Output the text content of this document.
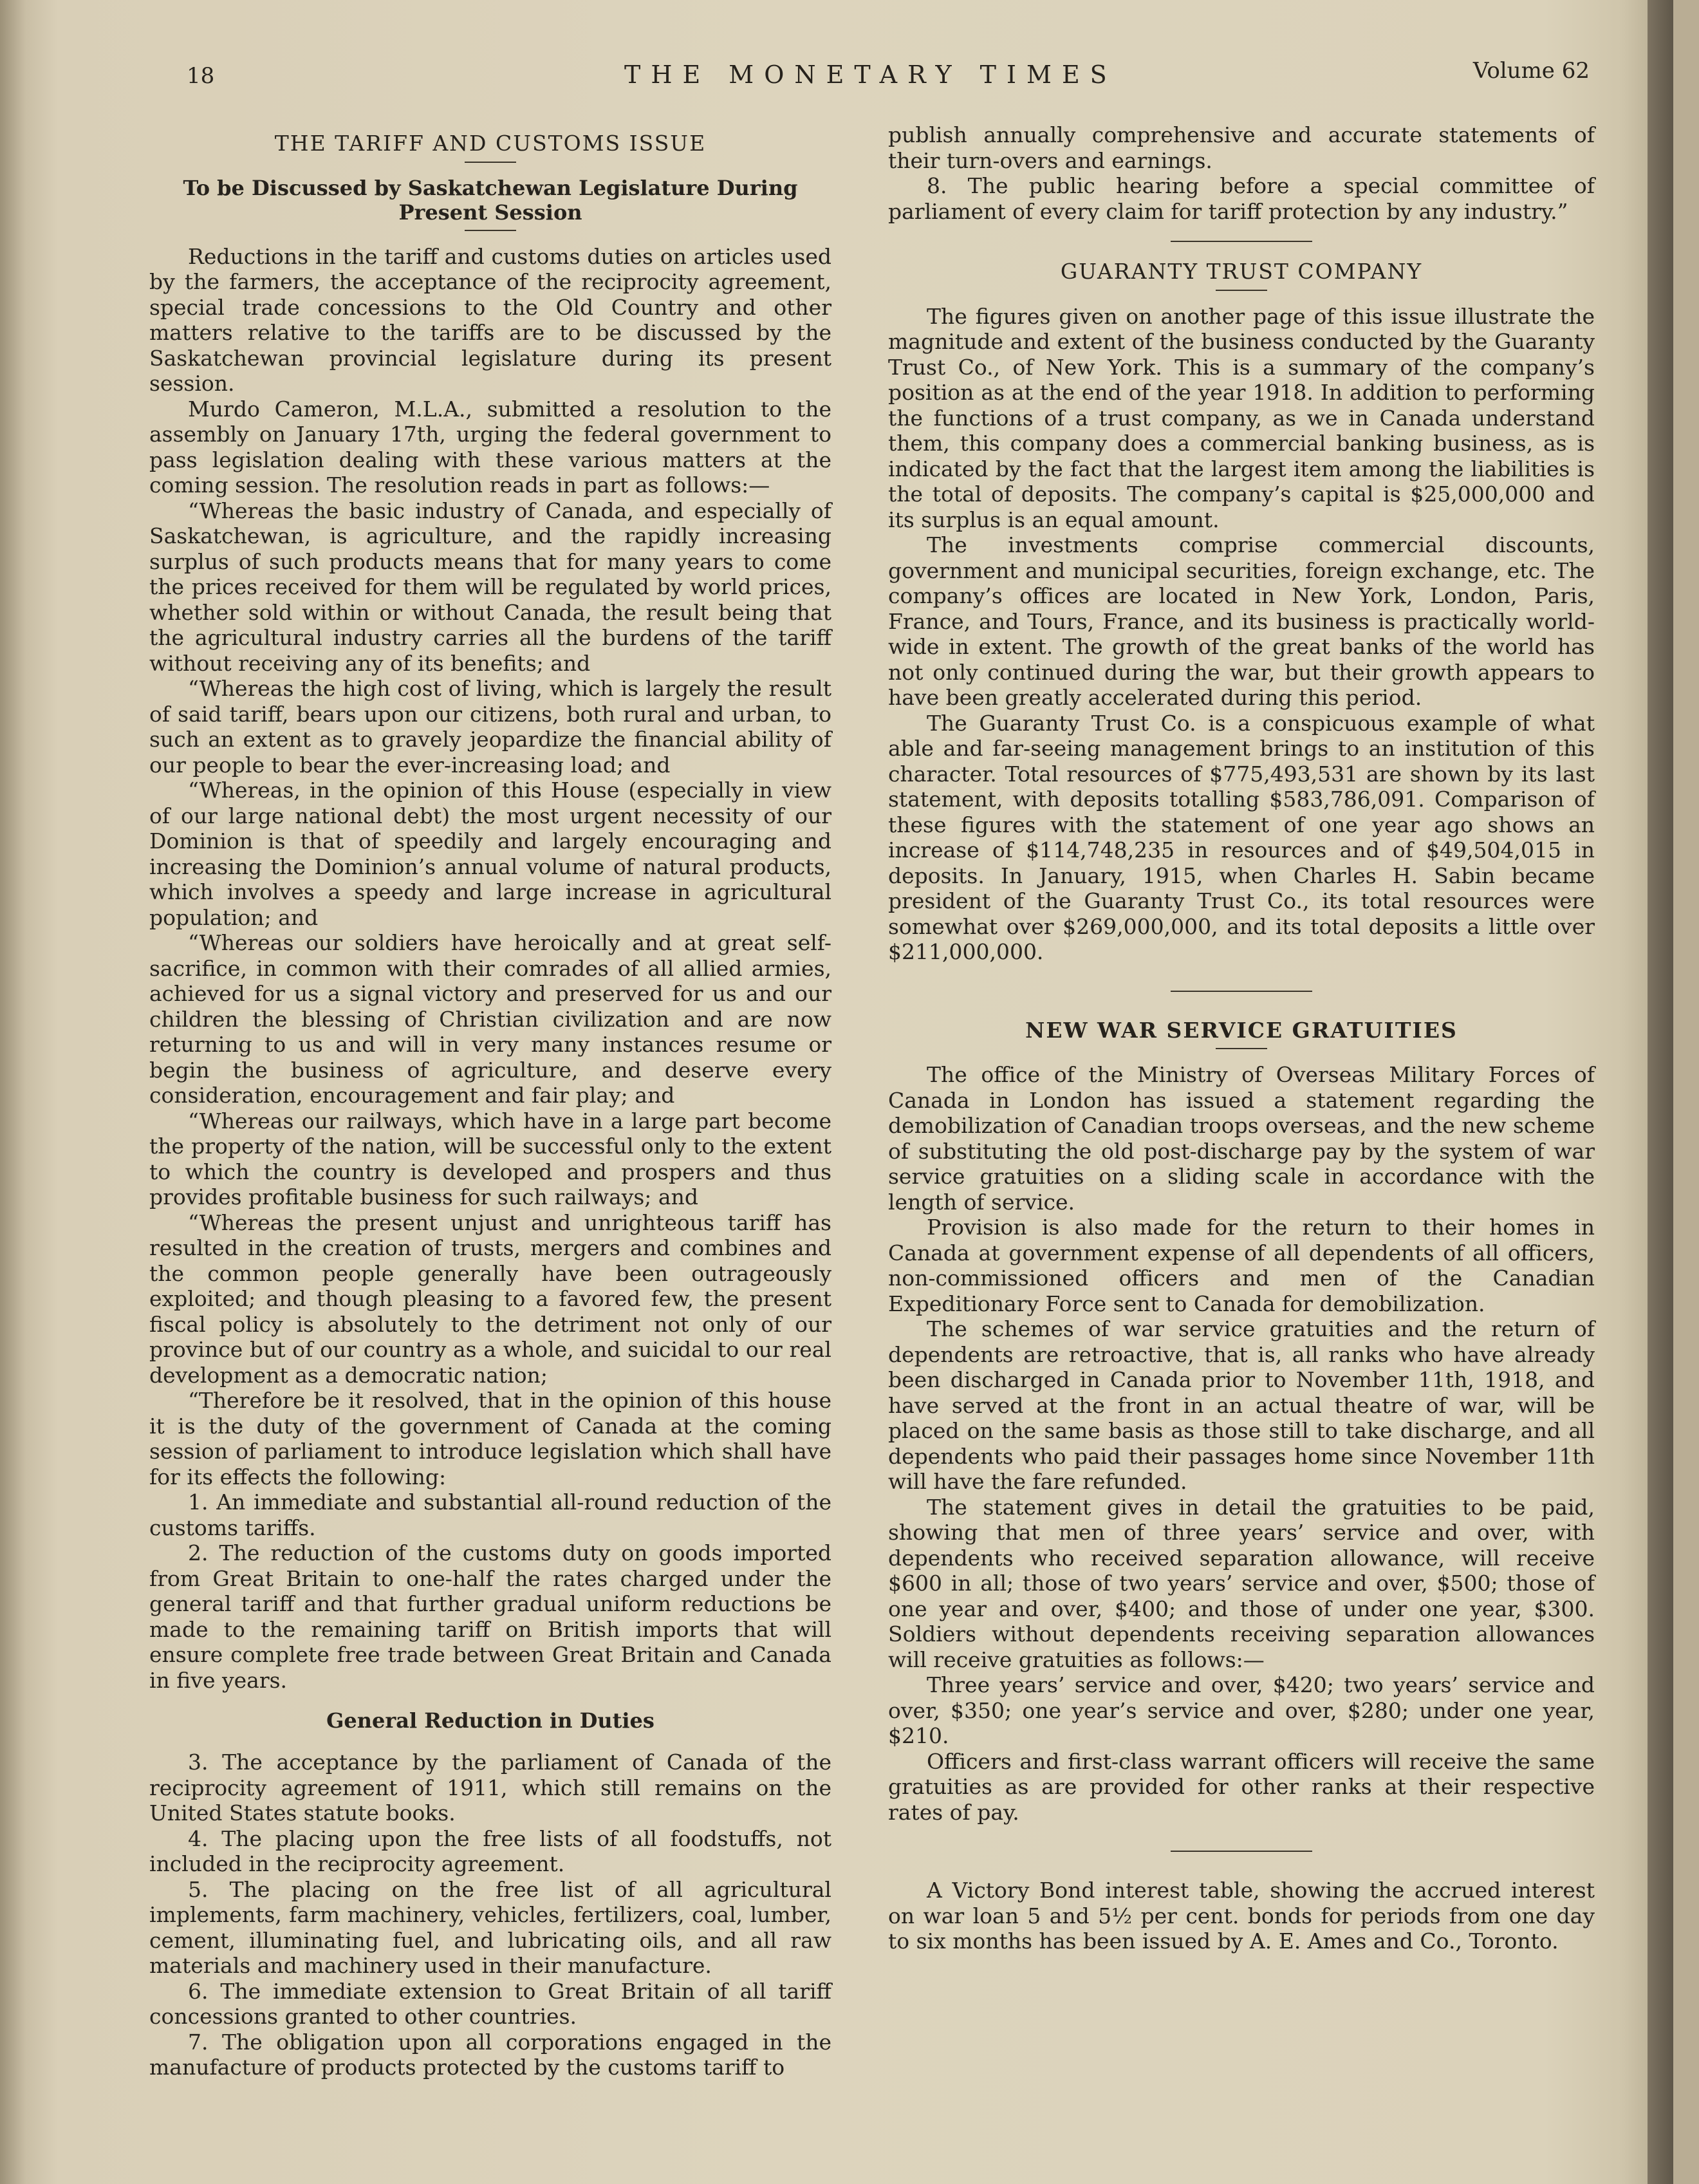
18	THE MONETARY TIMES	Volume 62
THE TARIFF AND CUSTOMS ISSUE
To be Discussed by Saskatchewan Legislature During Present Session

Reductions in the tariff and customs duties on articles used by the farmers, the acceptance of the reciprocity agreement, special trade concessions to the Old Country and other matters relative to the tariffs are to be discussed by the Saskatchewan provincial legislature during its present session.

Murdo Cameron, M.L.A., submitted a resolution to the assembly on January 17th, urging the federal government to pass legislation dealing with these various matters at the coming session. The resolution reads in part as follows:—

“Whereas the basic industry of Canada, and especially of Saskatchewan, is agriculture, and the rapidly increasing surplus of such products means that for many years to come the prices received for them will be regulated by world prices, whether sold within or without Canada, the result being that the agricultural industry carries all the burdens of the tariff without receiving any of its benefits; and

“Whereas the high cost of living, which is largely the result of said tariff, bears upon our citizens, both rural and urban, to such an extent as to gravely jeopardize the financial ability of our people to bear the ever-increasing load; and

“Whereas, in the opinion of this House (especially in view of our large national debt) the most urgent necessity of our Dominion is that of speedily and largely encouraging and increasing the Dominion’s annual volume of natural products, which involves a speedy and large increase in agricultural population; and

“Whereas our soldiers have heroically and at great self-sacrifice, in common with their comrades of all allied armies, achieved for us a signal victory and preserved for us and our children the blessing of Christian civilization and are now returning to us and will in very many instances resume or begin the business of agriculture, and deserve every consideration, encouragement and fair play; and

“Whereas our railways, which have in a large part become the property of the nation, will be successful only to the extent to which the country is developed and prospers and thus provides profitable business for such railways; and

“Whereas the present unjust and unrighteous tariff has resulted in the creation of trusts, mergers and combines and the common people generally have been outrageously exploited; and though pleasing to a favored few, the present fiscal policy is absolutely to the detriment not only of our province but of our country as a whole, and suicidal to our real development as a democratic nation;

“Therefore be it resolved, that in the opinion of this house it is the duty of the government of Canada at the coming session of parliament to introduce legislation which shall have for its effects the following:

1. An immediate and substantial all-round reduction of the customs tariffs.

2. The reduction of the customs duty on goods imported from Great Britain to one-half the rates charged under the general tariff and that further gradual uniform reductions be made to the remaining tariff on British imports that will ensure complete free trade between Great Britain and Canada in five years.

General Reduction in Duties

3. The acceptance by the parliament of Canada of the reciprocity agreement of 1911, which still remains on the United States statute books.

4. The placing upon the free lists of all foodstuffs, not included in the reciprocity agreement.

5. The placing on the free list of all agricultural implements, farm machinery, vehicles, fertilizers, coal, lumber, cement, illuminating fuel, and lubricating oils, and all raw materials and machinery used in their manufacture.

6. The immediate extension to Great Britain of all tariff concessions granted to other countries.

7. The obligation upon all corporations engaged in the manufacture of products protected by the customs tariff to

publish annually comprehensive and accurate statements of their turn-overs and earnings.

8. The public hearing before a special committee of parliament of every claim for tariff protection by any industry.”

GUARANTY TRUST COMPANY

The figures given on another page of this issue illustrate the magnitude and extent of the business conducted by the Guaranty Trust Co., of New York. This is a summary of the company’s position as at the end of the year 1918. In addition to performing the functions of a trust company, as we in Canada understand them, this company does a commercial banking business, as is indicated by the fact that the largest item among the liabilities is the total of deposits. The company’s capital is $25,000,000 and its surplus is an equal amount.

The investments comprise commercial discounts, government and municipal securities, foreign exchange, etc. The company’s offices are located in New York, London, Paris, France, and Tours, France, and its business is practically world-wide in extent. The growth of the great banks of the world has not only continued during the war, but their growth appears to have been greatly accelerated during this period.

The Guaranty Trust Co. is a conspicuous example of what able and far-seeing management brings to an institution of this character. Total resources of $775,493,531 are shown by its last statement, with deposits totalling $583,786,091. Comparison of these figures with the statement of one year ago shows an increase of $114,748,235 in resources and of $49,504,015 in deposits. In January, 1915, when Charles H. Sabin became president of the Guaranty Trust Co., its total resources were somewhat over $269,000,000, and its total deposits a little over $211,000,000.

NEW WAR SERVICE GRATUITIES

The office of the Ministry of Overseas Military Forces of Canada in London has issued a statement regarding the demobilization of Canadian troops overseas, and the new scheme of substituting the old post-discharge pay by the system of war service gratuities on a sliding scale in accordance with the length of service.

Provision is also made for the return to their homes in Canada at government expense of all dependents of all officers, non-commissioned officers and men of the Canadian Expeditionary Force sent to Canada for demobilization.

The schemes of war service gratuities and the return of dependents are retroactive, that is, all ranks who have already been discharged in Canada prior to November 11th, 1918, and have served at the front in an actual theatre of war, will be placed on the same basis as those still to take discharge, and all dependents who paid their passages home since November 11th will have the fare refunded.

The statement gives in detail the gratuities to be paid, showing that men of three years’ service and over, with dependents who received separation allowance, will receive $600 in all; those of two years’ service and over, $500; those of one year and over, $400; and those of under one year, $300. Soldiers without dependents receiving separation allowances will receive gratuities as follows:—

Three years’ service and over, $420; two years’ service and over, $350; one year’s service and over, $280; under one year, $210.

Officers and first-class warrant officers will receive the same gratuities as are provided for other ranks at their respective rates of pay.

A Victory Bond interest table, showing the accrued interest on war loan 5 and 5½ per cent. bonds for periods from one day to six months has been issued by A. E. Ames and Co., Toronto.
